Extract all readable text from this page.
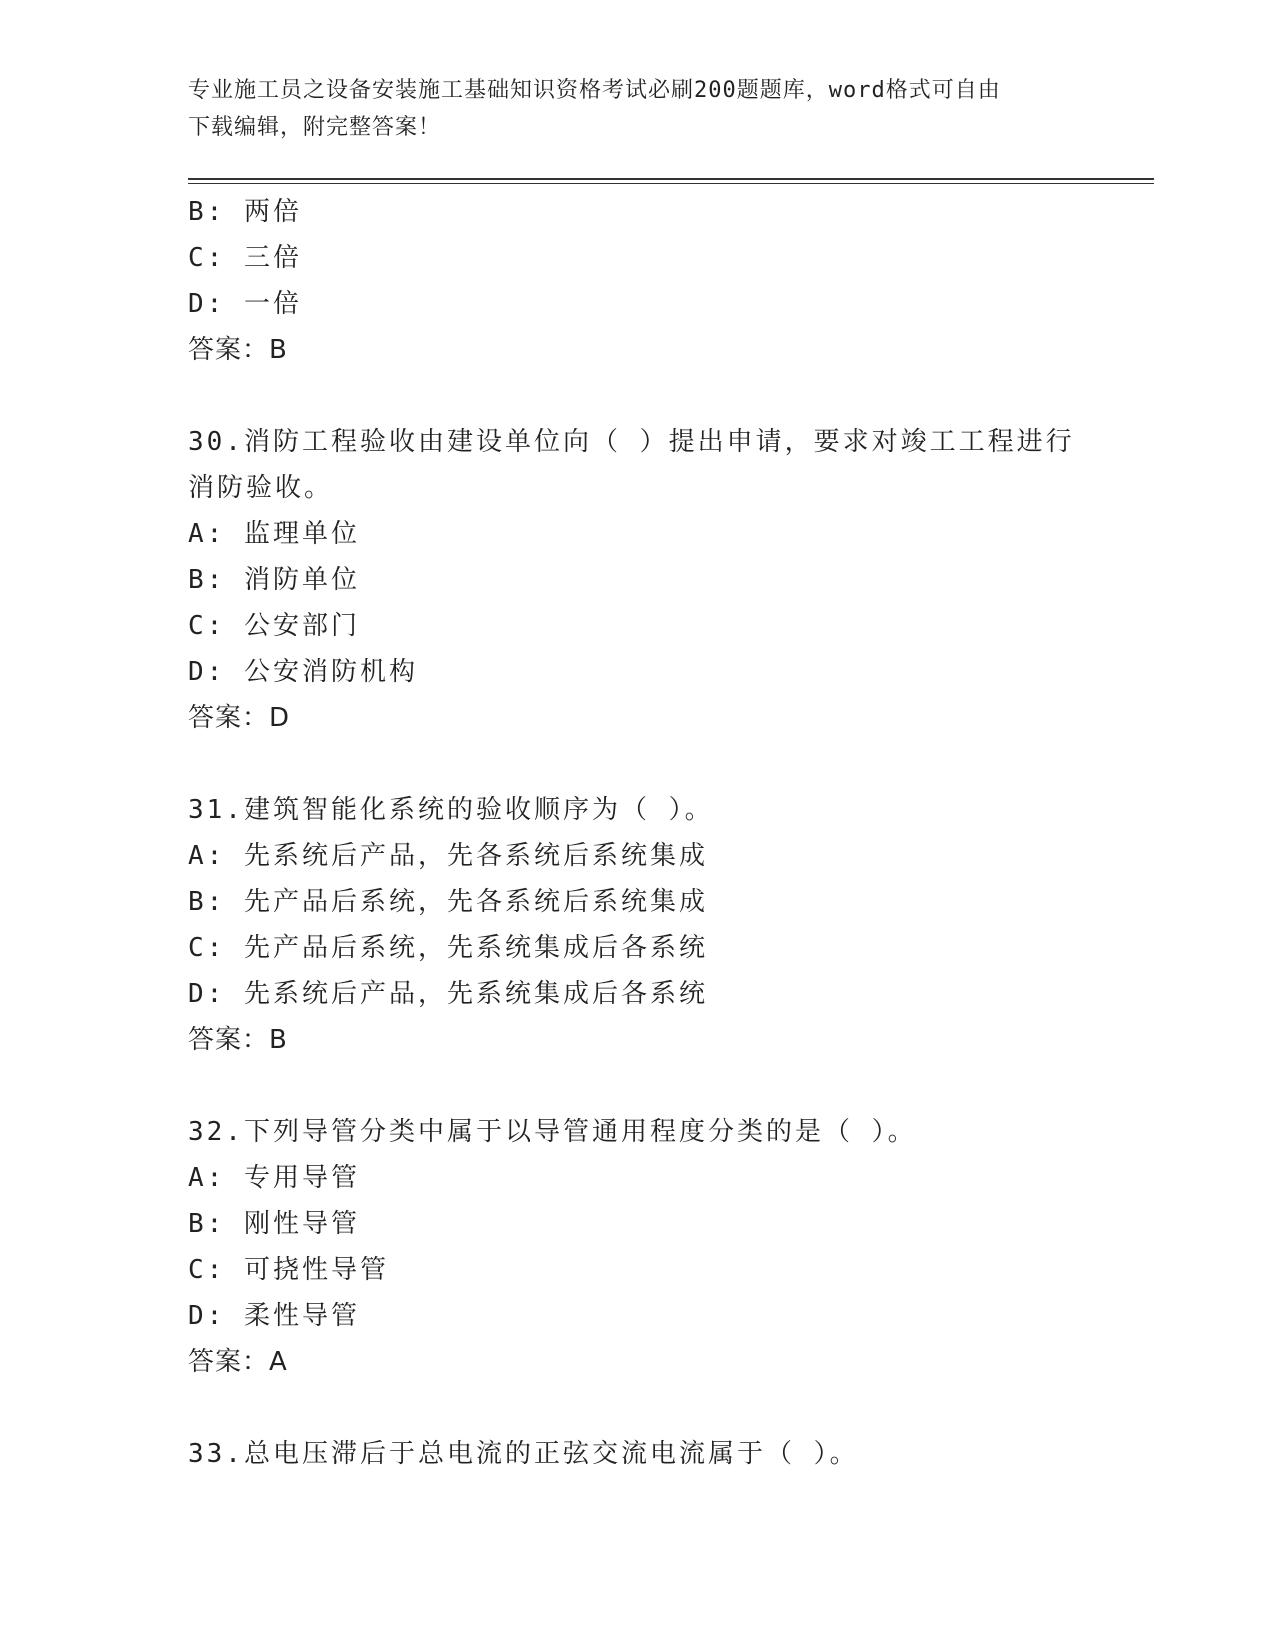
专业施工员之设备安装施工基础知识资格考试必刷200题题库，word格式可自由
下载编辑，附完整答案！
B: 两倍
C: 三倍
D: 一倍
答案：B
30.消防工程验收由建设单位向（ ）提出申请，要求对竣工工程进行
消防验收。
A: 监理单位
B: 消防单位
C: 公安部门
D: 公安消防机构
答案：D
31.建筑智能化系统的验收顺序为（ ）。
A: 先系统后产品，先各系统后系统集成
B: 先产品后系统，先各系统后系统集成
C: 先产品后系统，先系统集成后各系统
D: 先系统后产品，先系统集成后各系统
答案：B
32.下列导管分类中属于以导管通用程度分类的是（ ）。
A: 专用导管
B: 刚性导管
C: 可挠性导管
D: 柔性导管
答案：A
33.总电压滞后于总电流的正弦交流电流属于（ ）。
